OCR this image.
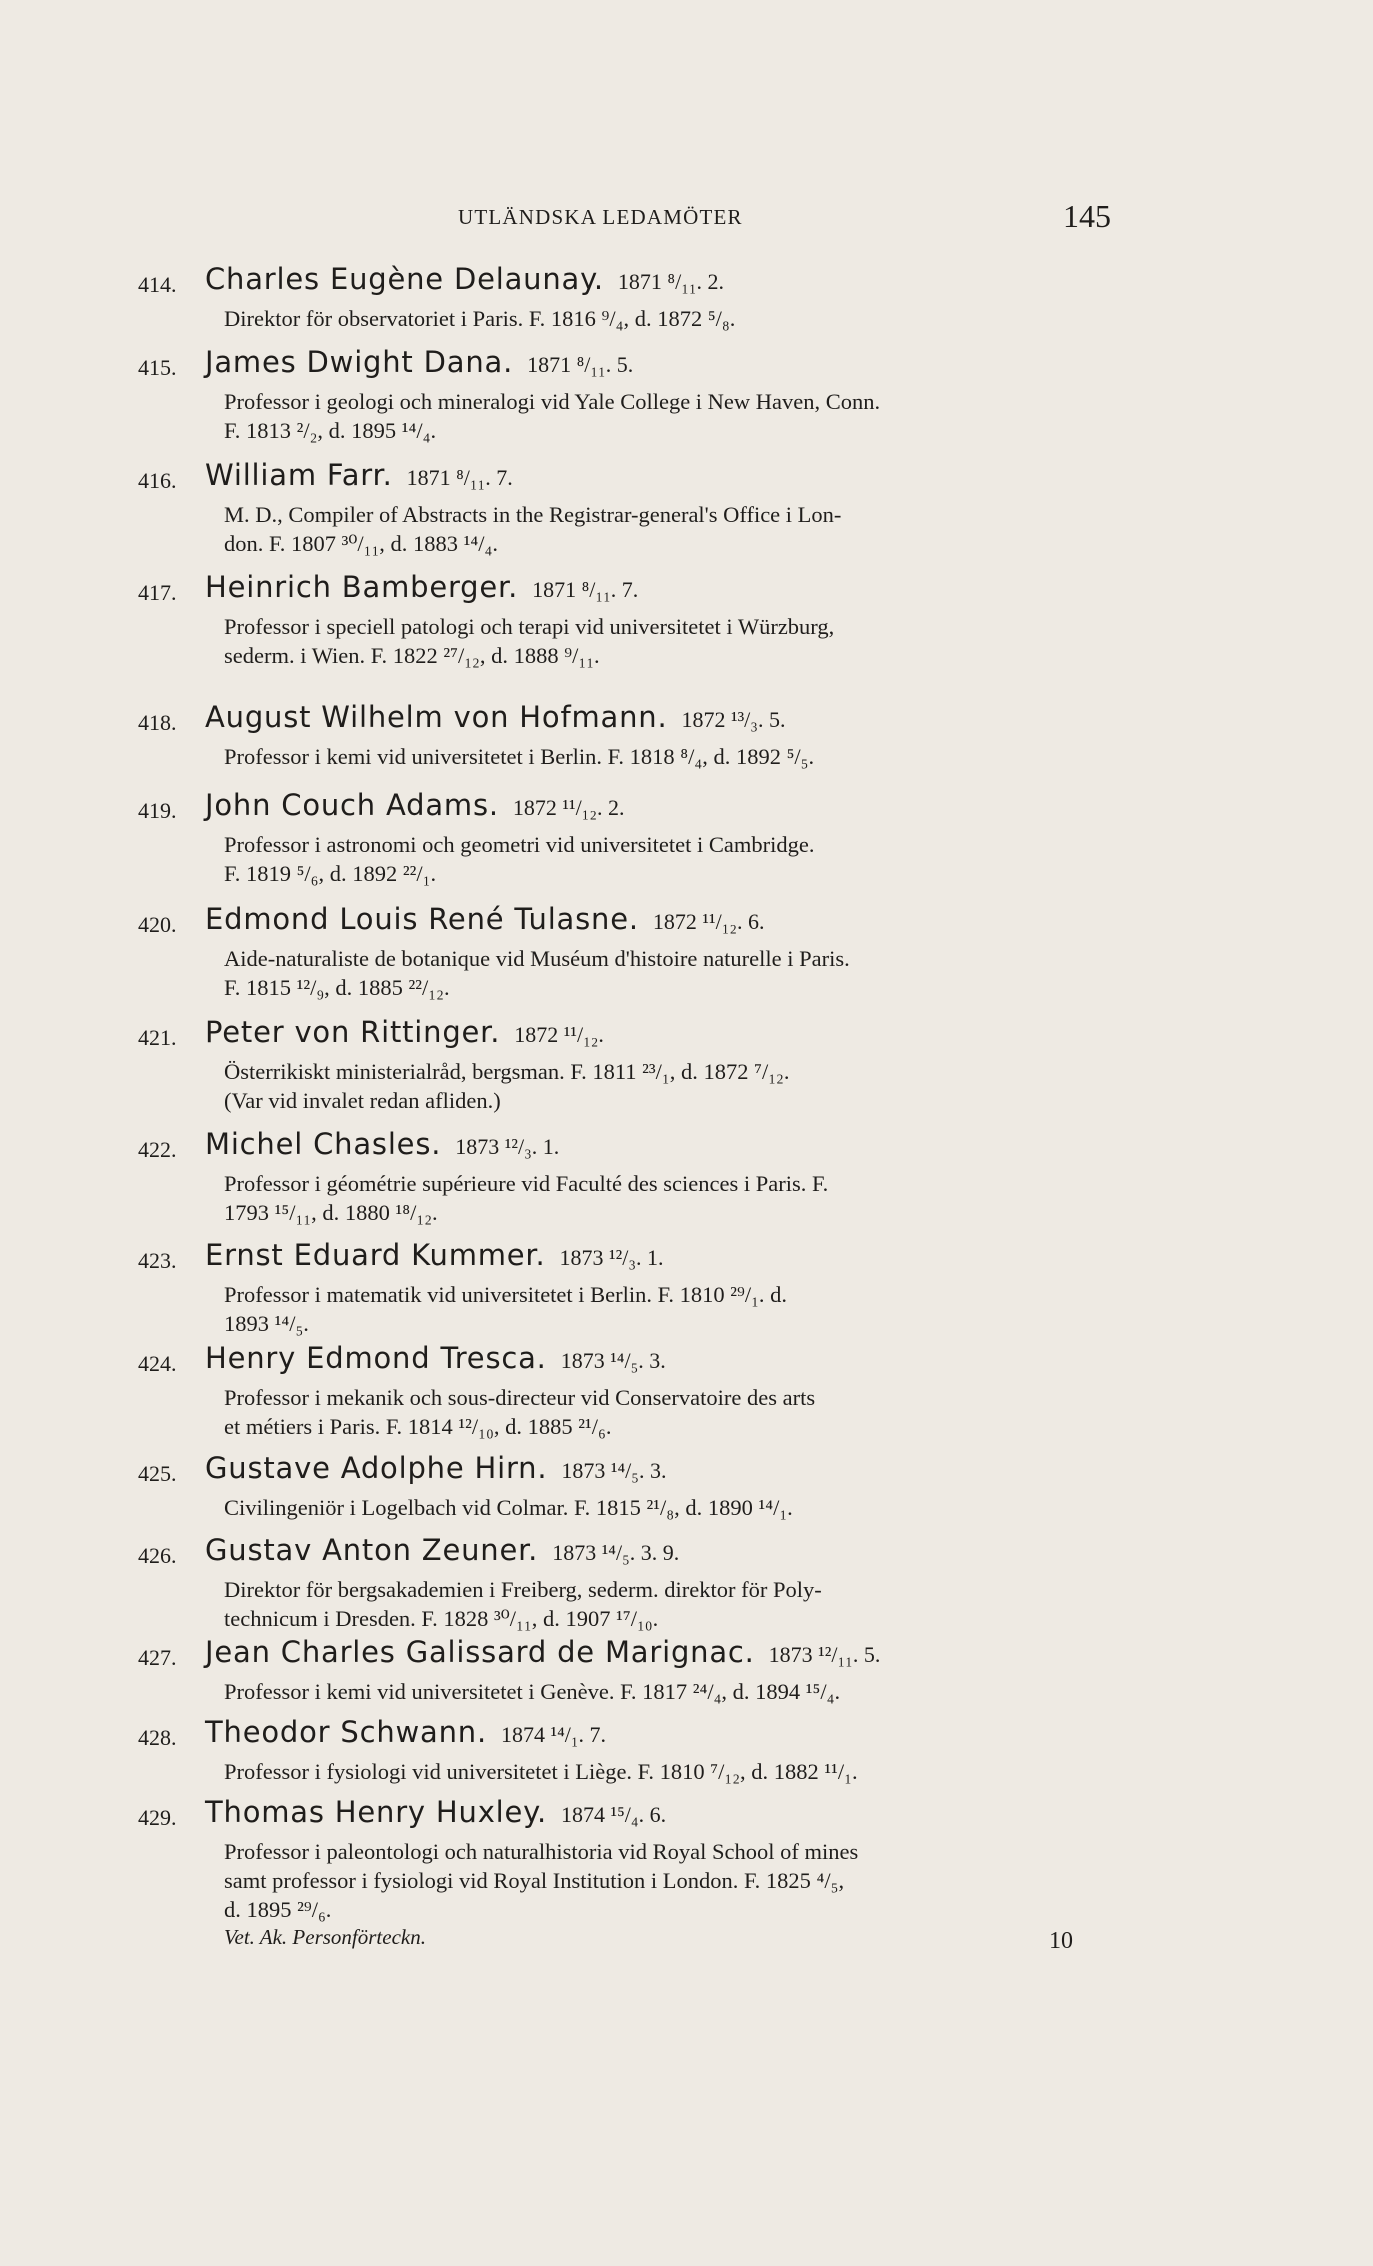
UTLÄNDSKA LEDAMÖTER	145
414. Charles Eugène Delaunay. 1871 ⁸/₁₁. 2.
Direktor för observatoriet i Paris. F. 1816 ⁹/₄, d. 1872 ⁵/₈.
415. James Dwight Dana. 1871 ⁸/₁₁. 5.
Professor i geologi och mineralogi vid Yale College i New Haven, Conn.
F. 1813 ²/₂, d. 1895 ¹⁴/₄.
416. William Farr. 1871 ⁸/₁₁. 7.
M. D., Compiler of Abstracts in the Registrar-general's Office i Lon-
don. F. 1807 ³⁰/₁₁, d. 1883 ¹⁴/₄.
417. Heinrich Bamberger. 1871 ⁸/₁₁. 7.
Professor i speciell patologi och terapi vid universitetet i Würzburg,
sederm. i Wien. F. 1822 ²⁷/₁₂, d. 1888 ⁹/₁₁.
418. August Wilhelm von Hofmann. 1872 ¹³/₃. 5.
Professor i kemi vid universitetet i Berlin. F. 1818 ⁸/₄, d. 1892 ⁵/₅.
419. John Couch Adams. 1872 ¹¹/₁₂. 2.
Professor i astronomi och geometri vid universitetet i Cambridge.
F. 1819 ⁵/₆, d. 1892 ²²/₁.
420. Edmond Louis René Tulasne. 1872 ¹¹/₁₂. 6.
Aide-naturaliste de botanique vid Muséum d'histoire naturelle i Paris.
F. 1815 ¹²/₉, d. 1885 ²²/₁₂.
421. Peter von Rittinger. 1872 ¹¹/₁₂.
Österrikiskt ministerialråd, bergsman. F. 1811 ²³/₁, d. 1872 ⁷/₁₂.
(Var vid invalet redan afliden.)
422. Michel Chasles. 1873 ¹²/₃. 1.
Professor i géométrie supérieure vid Faculté des sciences i Paris. F.
1793 ¹⁵/₁₁, d. 1880 ¹⁸/₁₂.
423. Ernst Eduard Kummer. 1873 ¹²/₃. 1.
Professor i matematik vid universitetet i Berlin. F. 1810 ²⁹/₁. d.
1893 ¹⁴/₅.
424. Henry Edmond Tresca. 1873 ¹⁴/₅. 3.
Professor i mekanik och sous-directeur vid Conservatoire des arts
et métiers i Paris. F. 1814 ¹²/₁₀, d. 1885 ²¹/₆.
425. Gustave Adolphe Hirn. 1873 ¹⁴/₅. 3.
Civilingeniör i Logelbach vid Colmar. F. 1815 ²¹/₈, d. 1890 ¹⁴/₁.
426. Gustav Anton Zeuner. 1873 ¹⁴/₅. 3. 9.
Direktor för bergsakademien i Freiberg, sederm. direktor för Poly-
technicum i Dresden. F. 1828 ³⁰/₁₁, d. 1907 ¹⁷/₁₀.
427. Jean Charles Galissard de Marignac. 1873 ¹²/₁₁. 5.
Professor i kemi vid universitetet i Genève. F. 1817 ²⁴/₄, d. 1894 ¹⁵/₄.
428. Theodor Schwann. 1874 ¹⁴/₁. 7.
Professor i fysiologi vid universitetet i Liège. F. 1810 ⁷/₁₂, d. 1882 ¹¹/₁.
429. Thomas Henry Huxley. 1874 ¹⁵/₄. 6.
Professor i paleontologi och naturalhistoria vid Royal School of mines
samt professor i fysiologi vid Royal Institution i London. F. 1825 ⁴/₅,
d. 1895 ²⁹/₆.
Vet. Ak. Personförteckn.	10
